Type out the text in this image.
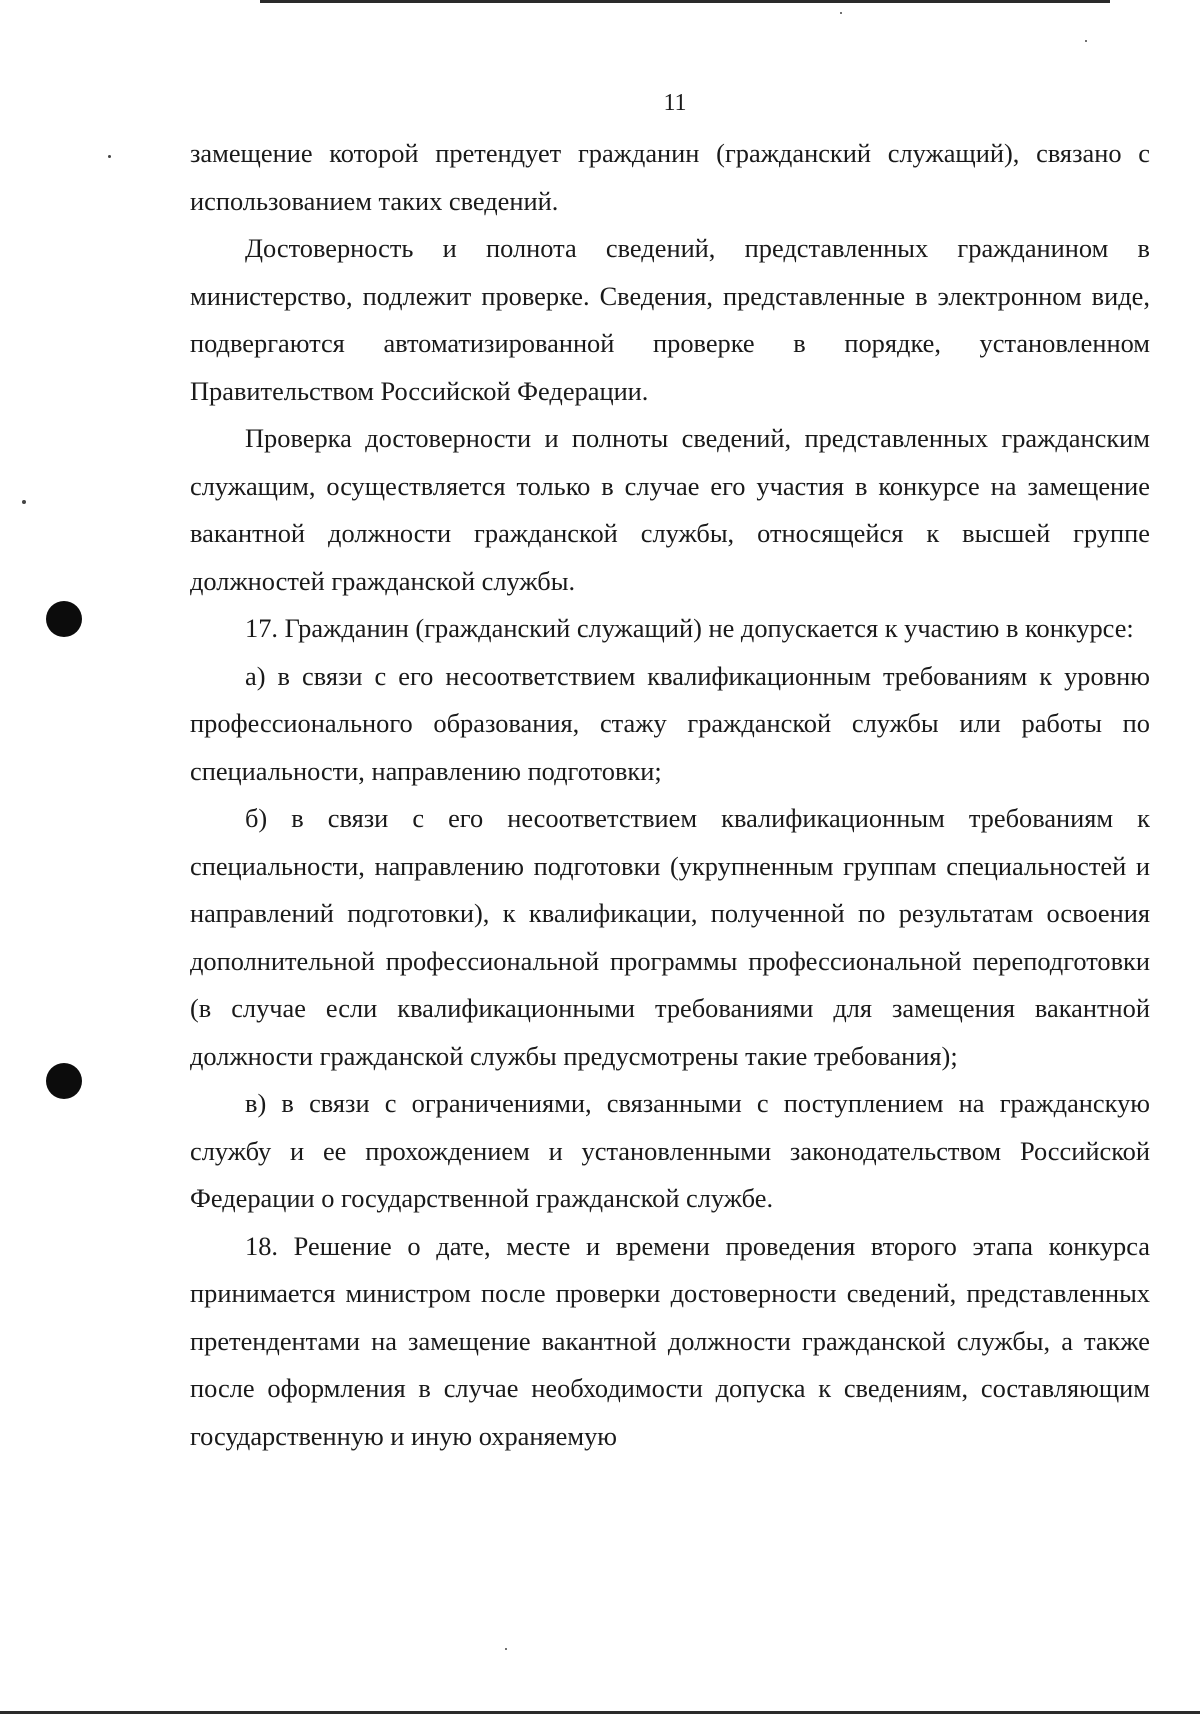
11

замещение которой претендует гражданин (гражданский служащий), связано с использованием таких сведений.

Достоверность и полнота сведений, представленных гражданином в министерство, подлежит проверке. Сведения, представленные в электронном виде, подвергаются автоматизированной проверке в порядке, установленном Правительством Российской Федерации.

Проверка достоверности и полноты сведений, представленных гражданским служащим, осуществляется только в случае его участия в конкурсе на замещение вакантной должности гражданской службы, относящейся к высшей группе должностей гражданской службы.

17. Гражданин (гражданский служащий) не допускается к участию в конкурсе:

а) в связи с его несоответствием квалификационным требованиям к уровню профессионального образования, стажу гражданской службы или работы по специальности, направлению подготовки;

б) в связи с его несоответствием квалификационным требованиям к специальности, направлению подготовки (укрупненным группам специальностей и направлений подготовки), к квалификации, полученной по результатам освоения дополнительной профессиональной программы профессиональной переподготовки (в случае если квалификационными требованиями для замещения вакантной должности гражданской службы предусмотрены такие требования);

в) в связи с ограничениями, связанными с поступлением на гражданскую службу и ее прохождением и установленными законодательством Российской Федерации о государственной гражданской службе.

18. Решение о дате, месте и времени проведения второго этапа конкурса принимается министром после проверки достоверности сведений, представленных претендентами на замещение вакантной должности гражданской службы, а также после оформления в случае необходимости допуска к сведениям, составляющим государственную и иную охраняемую
